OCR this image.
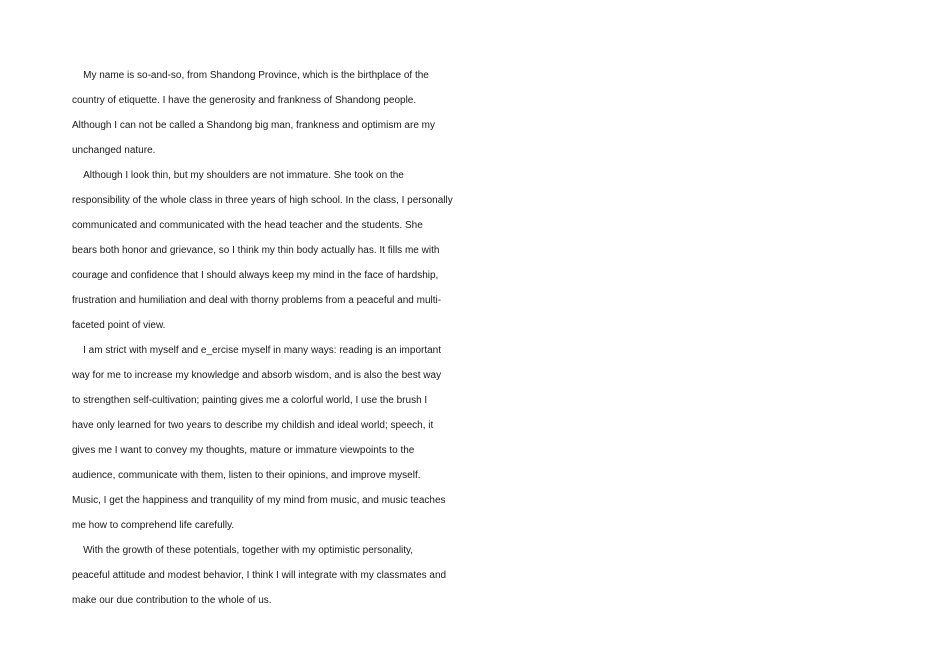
My name is so-and-so, from Shandong Province, which is the birthplace of the
country of etiquette. I have the generosity and frankness of Shandong people.
Although I can not be called a Shandong big man, frankness and optimism are my
unchanged nature.
Although I look thin, but my shoulders are not immature. She took on the
responsibility of the whole class in three years of high school. In the class, I personally
communicated and communicated with the head teacher and the students. She
bears both honor and grievance, so I think my thin body actually has. It fills me with
courage and confidence that I should always keep my mind in the face of hardship,
frustration and humiliation and deal with thorny problems from a peaceful and multi-
faceted point of view.
I am strict with myself and e_ercise myself in many ways: reading is an important
way for me to increase my knowledge and absorb wisdom, and is also the best way
to strengthen self-cultivation; painting gives me a colorful world, I use the brush I
have only learned for two years to describe my childish and ideal world; speech, it
gives me I want to convey my thoughts, mature or immature viewpoints to the
audience, communicate with them, listen to their opinions, and improve myself.
Music, I get the happiness and tranquility of my mind from music, and music teaches
me how to comprehend life carefully.
With the growth of these potentials, together with my optimistic personality,
peaceful attitude and modest behavior, I think I will integrate with my classmates and
make our due contribution to the whole of us.
